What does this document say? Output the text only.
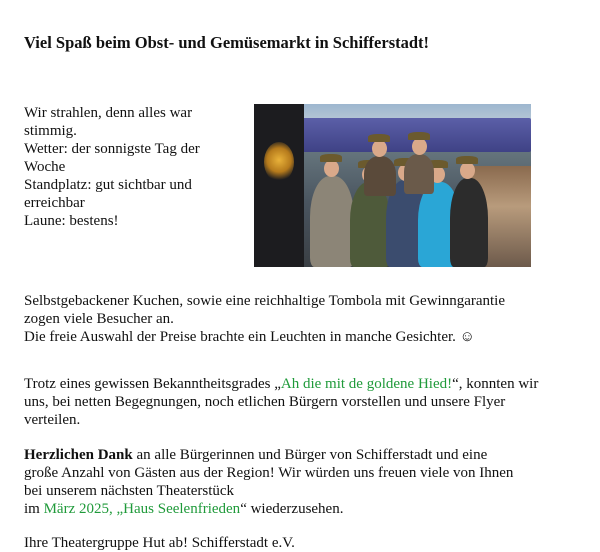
Viel Spaß beim Obst- und Gemüsemarkt in Schifferstadt!
Wir strahlen, denn alles war
stimmig.
Wetter: der sonnigste Tag der
Woche
Standplatz: gut sichtbar und
erreichbar
Laune: bestens!
Selbstgebackener Kuchen, sowie eine reichhaltige Tombola mit Gewinngarantie
zogen viele Besucher an.
Die freie Auswahl der Preise brachte ein Leuchten in manche Gesichter. ☺
Trotz eines gewissen Bekanntheitsgrades „Ah die mit de goldene Hied!“, konnten wir
uns, bei netten Begegnungen, noch etlichen Bürgern vorstellen und unsere Flyer
verteilen.
Herzlichen Dank an alle Bürgerinnen und Bürger von Schifferstadt und eine
große Anzahl von Gästen aus der Region! Wir würden uns freuen viele von Ihnen
bei unserem nächsten Theaterstück
im März 2025, „Haus Seelenfrieden“ wiederzusehen.
Ihre Theatergruppe Hut ab! Schifferstadt e.V.
